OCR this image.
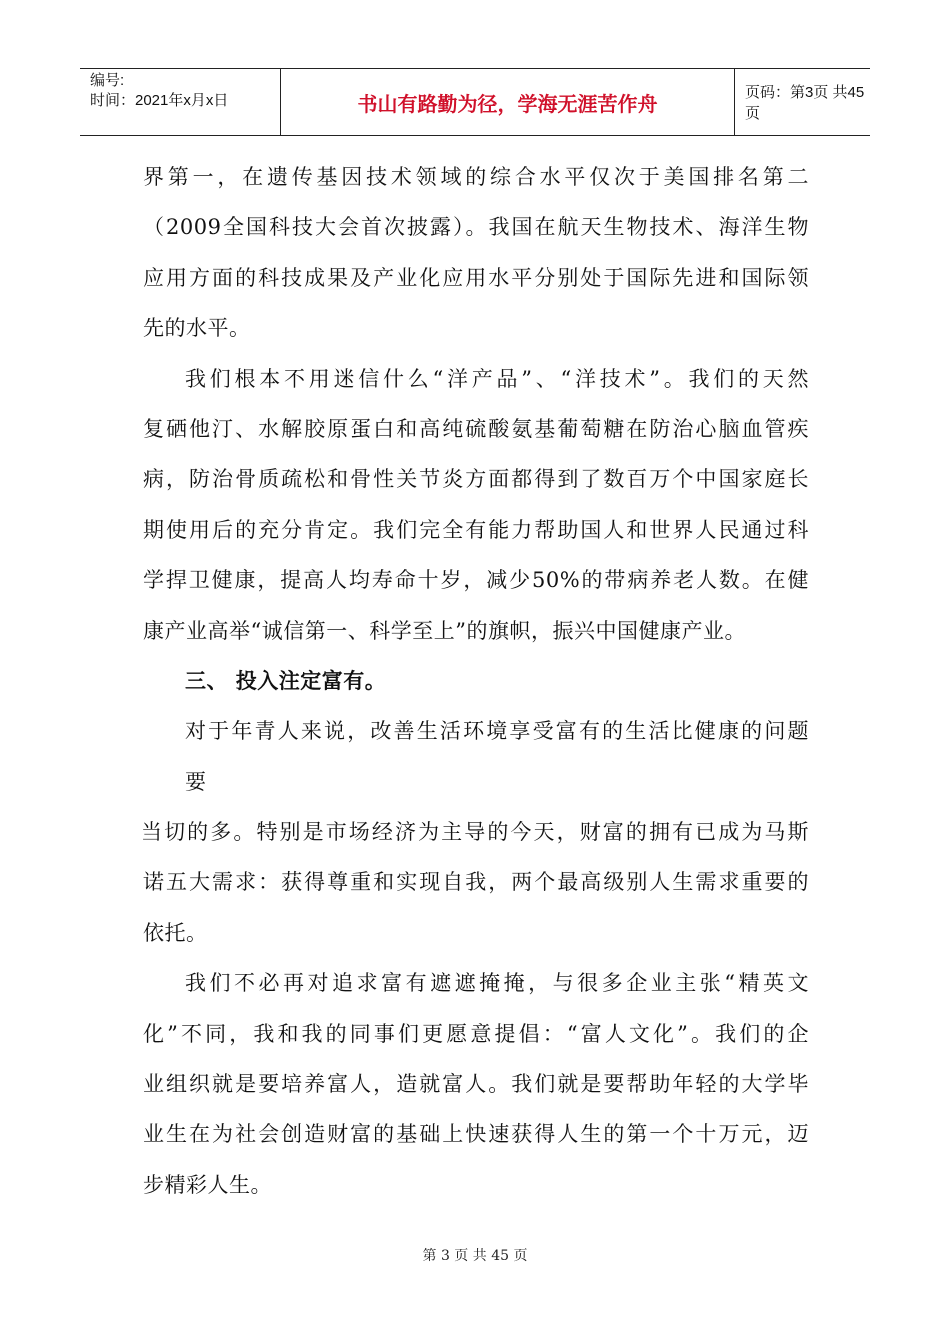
编号:
时间：2021年x月x日	书山有路勤为径，学海无涯苦作舟	页码：第3页 共45页
界第一，在遗传基因技术领域的综合水平仅次于美国排名第二
（2009全国科技大会首次披露）。我国在航天生物技术、海洋生物
应用方面的科技成果及产业化应用水平分别处于国际先进和国际领
先的水平。
我们根本不用迷信什么“洋产品”、“洋技术”。我们的天然
复硒他汀、水解胶原蛋白和高纯硫酸氨基葡萄糖在防治心脑血管疾
病，防治骨质疏松和骨性关节炎方面都得到了数百万个中国家庭长
期使用后的充分肯定。我们完全有能力帮助国人和世界人民通过科
学捍卫健康，提高人均寿命十岁，减少50%的带病养老人数。在健
康产业高举“诚信第一、科学至上”的旗帜，振兴中国健康产业。
三、 投入注定富有。
对于年青人来说，改善生活环境享受富有的生活比健康的问题
要
当切的多。特别是市场经济为主导的今天，财富的拥有已成为马斯
诺五大需求：获得尊重和实现自我，两个最高级别人生需求重要的
依托。
我们不必再对追求富有遮遮掩掩，与很多企业主张“精英文
化”不同，我和我的同事们更愿意提倡：“富人文化”。我们的企
业组织就是要培养富人，造就富人。我们就是要帮助年轻的大学毕
业生在为社会创造财富的基础上快速获得人生的第一个十万元，迈
步精彩人生。
第 3 页 共 45 页
